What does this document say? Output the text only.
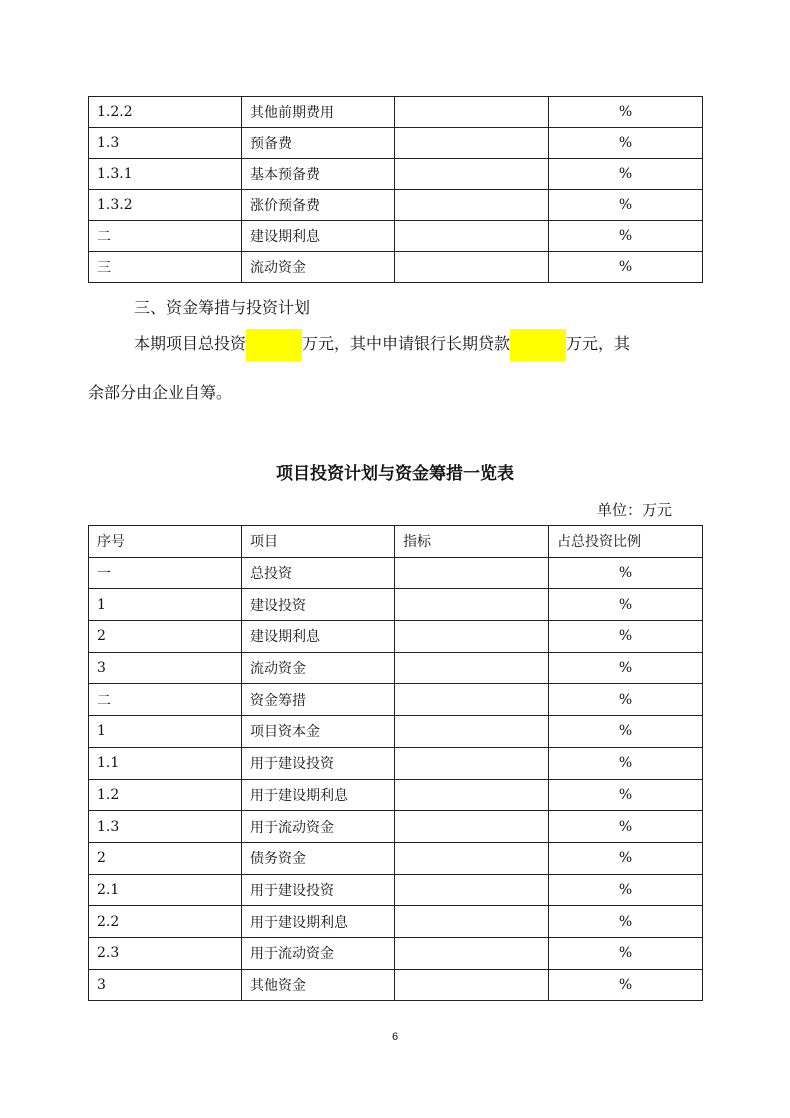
1.2.2	其他前期费用		%
1.3	预备费		%
1.3.1	基本预备费		%
1.3.2	涨价预备费		%
二	建设期利息		%
三	流动资金		%
三、资金筹措与投资计划
本期项目总投资	万元，其中申请银行长期贷款	万元，其
余部分由企业自筹。
项目投资计划与资金筹措一览表
单位：万元
序号	项目	指标	占总投资比例
一	总投资		%
1	建设投资		%
2	建设期利息		%
3	流动资金		%
二	资金筹措		%
1	项目资本金		%
1.1	用于建设投资		%
1.2	用于建设期利息		%
1.3	用于流动资金		%
2	债务资金		%
2.1	用于建设投资		%
2.2	用于建设期利息		%
2.3	用于流动资金		%
3	其他资金		%
6
